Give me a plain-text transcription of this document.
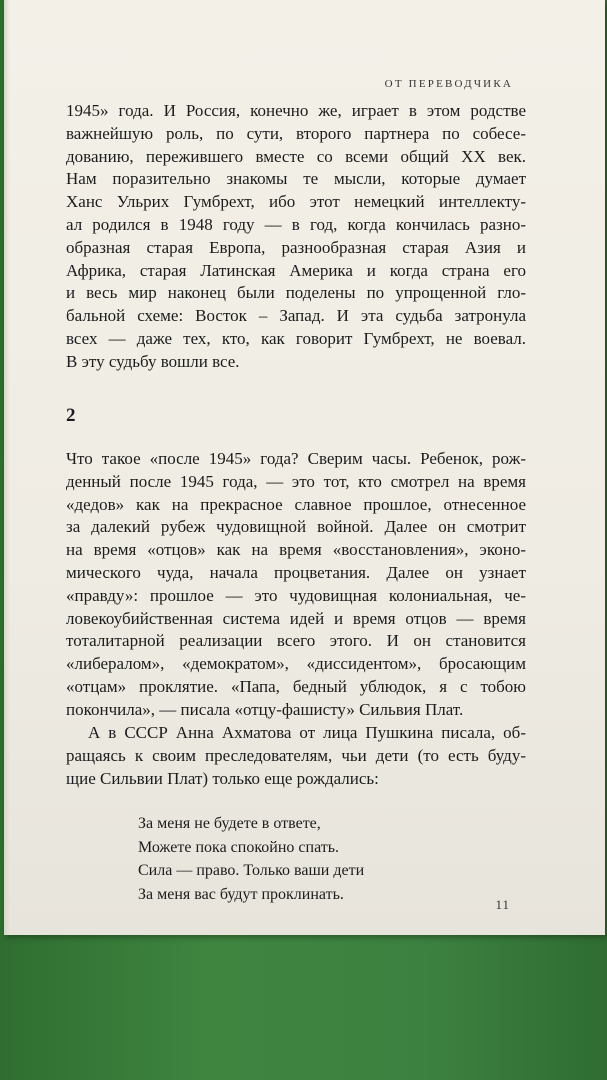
ОТ ПЕРЕВОДЧИКА
1945» года. И Россия, конечно же, играет в этом родстве
важнейшую роль, по сути, второго партнера по собесе-
дованию, пережившего вместе со всеми общий XX век.
Нам поразительно знакомы те мысли, которые думает
Ханс Ульрих Гумбрехт, ибо этот немецкий интеллекту-
ал родился в 1948 году — в год, когда кончилась разно-
образная старая Европа, разнообразная старая Азия и
Африка, старая Латинская Америка и когда страна его
и весь мир наконец были поделены по упрощенной гло-
бальной схеме: Восток – Запад. И эта судьба затронула
всех — даже тех, кто, как говорит Гумбрехт, не воевал.
В эту судьбу вошли все.
2
Что такое «после 1945» года? Сверим часы. Ребенок, рож-
денный после 1945 года, — это тот, кто смотрел на время
«дедов» как на прекрасное славное прошлое, отнесенное
за далекий рубеж чудовищной войной. Далее он смотрит
на время «отцов» как на время «восстановления», эконо-
мического чуда, начала процветания. Далее он узнает
«правду»: прошлое — это чудовищная колониальная, че-
ловекоубийственная система идей и время отцов — время
тоталитарной реализации всего этого. И он становится
«либералом», «демократом», «диссидентом», бросающим
«отцам» проклятие. «Папа, бедный ублюдок, я с тобою
покончила», — писала «отцу-фашисту» Сильвия Плат.
А в СССР Анна Ахматова от лица Пушкина писала, об-
ращаясь к своим преследователям, чьи дети (то есть буду-
щие Сильвии Плат) только еще рождались:
За меня не будете в ответе,
Можете пока спокойно спать.
Сила — право. Только ваши дети
За меня вас будут проклинать.
11
